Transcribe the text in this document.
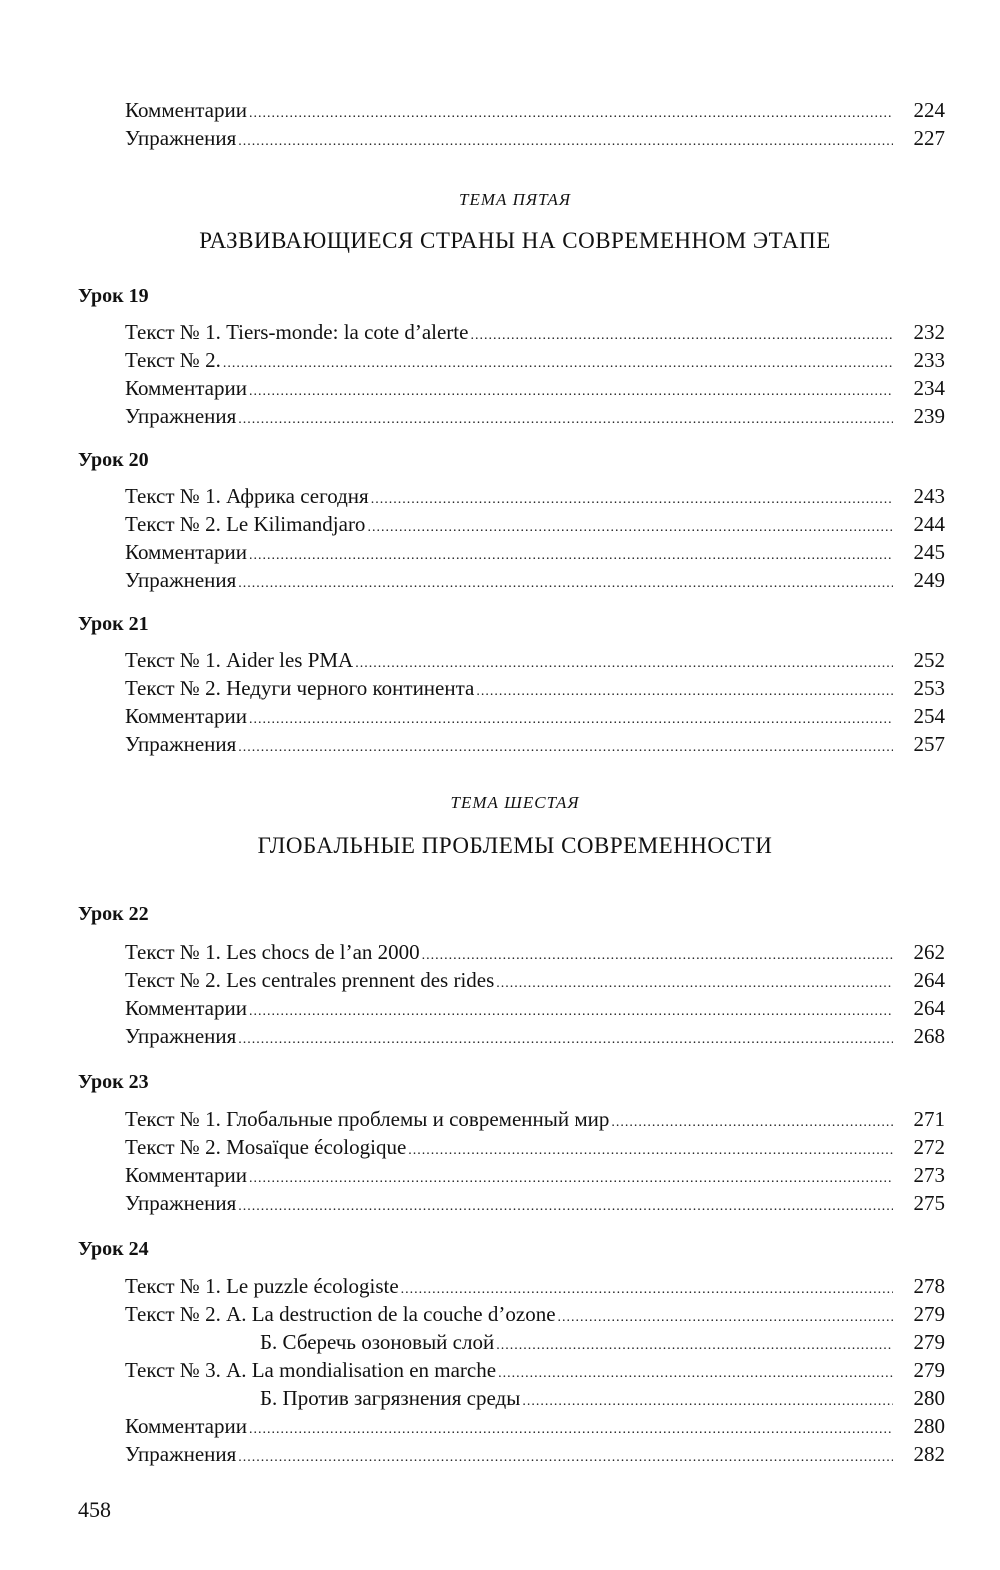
Комментарии .....	224
Упражнения .....	227
ТЕМА ПЯТАЯ
РАЗВИВАЮЩИЕСЯ СТРАНЫ НА СОВРЕМЕННОМ ЭТАПЕ
Урок 19
Текст № 1. Tiers-monde: la cote d’alerte .....	232
Текст № 2. .....	233
Комментарии .....	234
Упражнения .....	239
Урок 20
Текст № 1. Африка сегодня .....	243
Текст № 2. Le Kilimandjaro .....	244
Комментарии .....	245
Упражнения .....	249
Урок 21
Текст № 1. Aider les PMA .....	252
Текст № 2. Недуги черного континента .....	253
Комментарии .....	254
Упражнения .....	257
ТЕМА ШЕСТАЯ
ГЛОБАЛЬНЫЕ ПРОБЛЕМЫ СОВРЕМЕННОСТИ
Урок 22
Текст № 1. Les chocs de l’an 2000 .....	262
Текст № 2. Les centrales prennent des rides .....	264
Комментарии .....	264
Упражнения .....	268
Урок 23
Текст № 1. Глобальные проблемы и современный мир .....	271
Текст № 2. Mosaïque écologique .....	272
Комментарии .....	273
Упражнения .....	275
Урок 24
Текст № 1. Le puzzle écologiste .....	278
Текст № 2. А. La destruction de la couche d’ozone .....	279
Б. Сберечь озоновый слой .....	279
Текст № 3. А. La mondialisation en marche .....	279
Б. Против загрязнения среды .....	280
Комментарии .....	280
Упражнения .....	282
458
